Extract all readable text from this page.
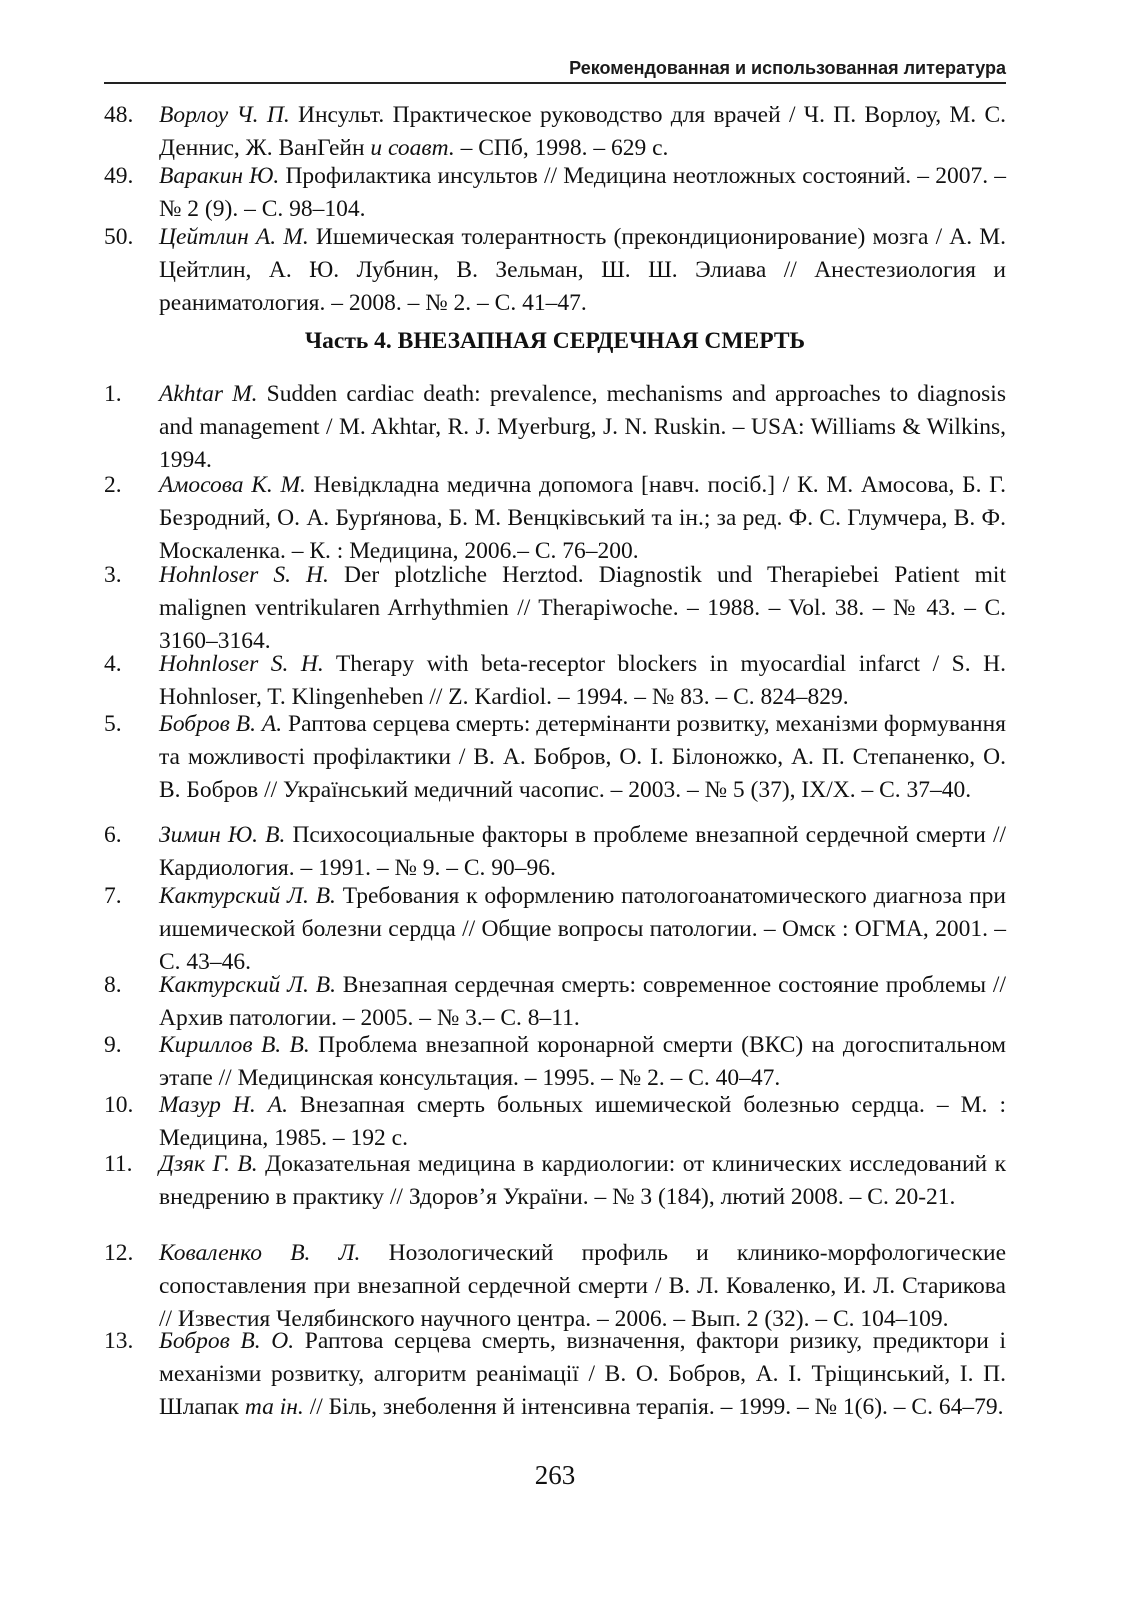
Рекомендованная и использованная литература
48.	Ворлоу Ч. П. Инсульт. Практическое руководство для врачей / Ч. П. Ворлоу, М. С. Деннис, Ж. ВанГейн и соавт. – СПб, 1998. – 629 с.
49.	Варакин Ю. Профилактика инсультов // Медицина неотложных состояний. – 2007. – № 2 (9). – С. 98–104.
50.	Цейтлин А. М. Ишемическая толерантность (прекондиционирование) мозга / А. М. Цейтлин, А. Ю. Лубнин, В. Зельман, Ш. Ш. Элиава // Анестезиология и реаниматология. – 2008. – № 2. – С. 41–47.
Часть 4. ВНЕЗАПНАЯ СЕРДЕЧНАЯ СМЕРТЬ
1.	Akhtar M. Sudden cardiac death: prevalence, mechanisms and approaches to diagnosis and management / M. Akhtar, R. J. Myerburg, J. N. Ruskin. – USA: Williams & Wilkins, 1994.
2.	Амосова К. М. Невідкладна медична допомога [навч. посіб.] / К. М. Амосова, Б. Г. Безродний, О. А. Бурґянова, Б. М. Венцківський та ін.; за ред. Ф. С. Глумчера, В. Ф. Москаленка. – К. : Медицина, 2006.– С. 76–200.
3.	Hohnloser S. H. Der plotzliche Herztod. Diagnostik und Therapiebei Patient mit malignen ventrikularen Arrhythmien // Therapiwoche. – 1988. – Vol. 38. – № 43. – С. 3160–3164.
4.	Hohnloser S. H. Therapy with beta-receptor blockers in myocardial infarct / S. H. Hohnloser, T. Klingenheben // Z. Kardiol. – 1994. – № 83. – С. 824–829.
5.	Бобров В. А. Раптова серцева смерть: детермінанти розвитку, механізми формування та можливості профілактики / В. А. Бобров, О. І. Білоножко, А. П. Степаненко, О. В. Бобров // Український медичний часопис. – 2003. – № 5 (37), IX/X. – С. 37–40.
6.	Зимин Ю. В. Психосоциальные факторы в проблеме внезапной сердечной смерти // Кардиология. – 1991. – № 9. – С. 90–96.
7.	Кактурский Л. В. Требования к оформлению патологоанатомического диагноза при ишемической болезни сердца // Общие вопросы патологии. – Омск : ОГМА, 2001. – С. 43–46.
8.	Кактурский Л. В. Внезапная сердечная смерть: современное состояние проблемы // Архив патологии. – 2005. – № 3.– С. 8–11.
9.	Кириллов В. В. Проблема внезапной коронарной смерти (ВКС) на догоспитальном этапе // Медицинская консультация. – 1995. – № 2. – С. 40–47.
10.	Мазур Н. А. Внезапная смерть больных ишемической болезнью сердца. – М. : Медицина, 1985. – 192 с.
11.	Дзяк Г. В. Доказательная медицина в кардиологии: от клинических исследований к внедрению в практику // Здоров’я України. – № 3 (184), лютий 2008. – С. 20-21.
12.	Коваленко В. Л. Нозологический профиль и клинико-морфологические сопоставления при внезапной сердечной смерти / В. Л. Коваленко, И. Л. Старикова // Известия Челябинского научного центра. – 2006. – Вып. 2 (32). – С. 104–109.
13.	Бобров В. О. Раптова серцева смерть, визначення, фактори ризику, предиктори і механізми розвитку, алгоритм реанімації / В. О. Бобров, А. І. Тріщинський, І. П. Шлапак та ін. // Біль, знеболення й інтенсивна терапія. – 1999. – № 1(6). – С. 64–79.
263
